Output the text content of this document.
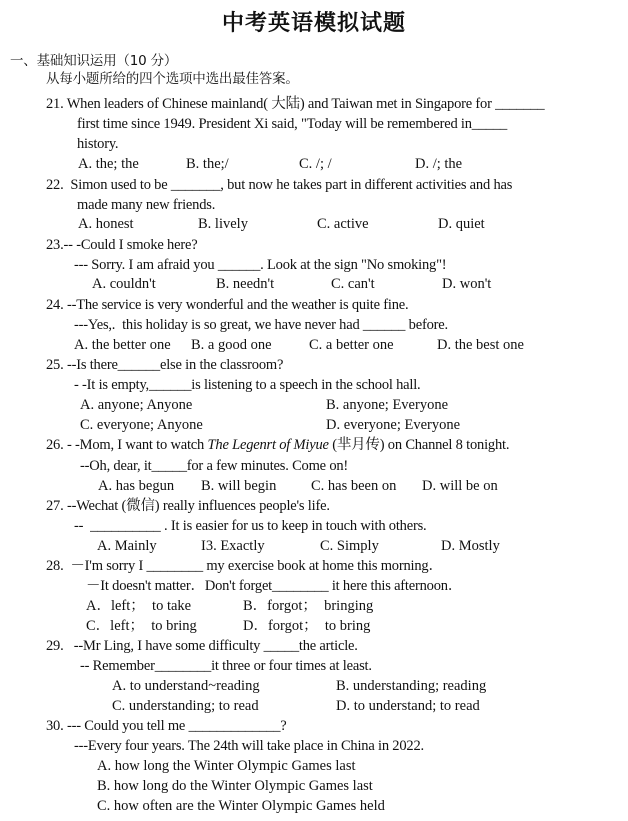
中考英语模拟试题
一、基础知识运用（10 分）
从每小题所给的四个选项中选出最佳答案。
21. When leaders of Chinese mainland( 大陆) and Taiwan met in Singapore for _______
first time since 1949. President Xi said, "Today will be remembered in_____
history.
A. the; the	B. the;/	C. /; /	D. /; the
22.  Simon used to be _______, but now he takes part in different activities and has
made many new friends.
A. honest	B. lively	C. active	D. quiet
23.-- -Could I smoke here?
--- Sorry. I am afraid you ______. Look at the sign "No smoking"!
A. couldn't	B. needn't	C. can't	D. won't
24. --The service is very wonderful and the weather is quite fine.
---Yes,.  this holiday is so great, we have never had ______ before.
A. the better one B. a good one	C. a better one	D. the best one
25. --Is there______else in the classroom?
- -It is empty,______is listening to a speech in the school hall.
A. anyone; Anyone	B. anyone; Everyone
C. everyone; Anyone	D. everyone; Everyone
26. - -Mom, I want to watch The Legenrt of Miyue (芈月传) on Channel 8 tonight.
--Oh, dear, it_____for a few minutes. Come on!
A. has begun B. will begin C. has been on D. will be on
27. --Wechat (微信) really influences people's life.
--  __________ . It is easier for us to keep in touch with others.
A. Mainly	I3. Exactly	C. Simply	D. Mostly
28.  －I'm sorry I ________ my exercise book at home this morning．
－It doesn't matter．Don't forget________ it here this afternoon．
A．left；  to take	B．forgot；  bringing
C．left；  to bring	D．forgot；  to bring
29.   --Mr Ling, I have some difficulty _____the article.
-- Remember________it three or four times at least.
A. to understand~reading	B. understanding; reading
C. understanding; to read	D. to understand; to read
30. --- Could you tell me _____________?
---Every four years. The 24th will take place in China in 2022.
A. how long the Winter Olympic Games last
B. how long do the Winter Olympic Games last
C. how often are the Winter Olympic Games held
